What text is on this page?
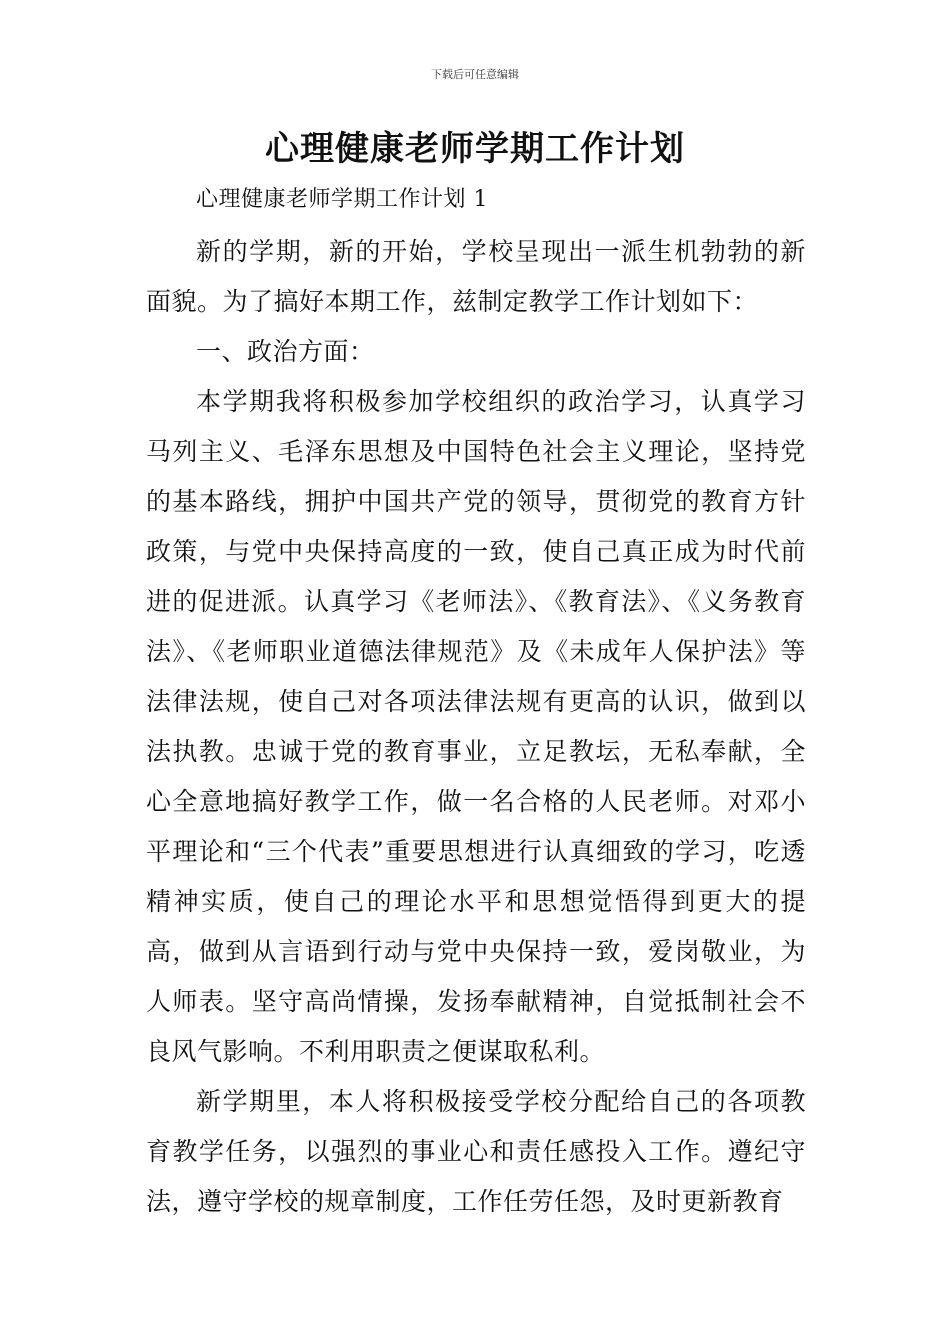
下载后可任意编辑
心理健康老师学期工作计划

心理健康老师学期工作计划 1

新的学期，新的开始，学校呈现出一派生机勃勃的新面貌。为了搞好本期工作，兹制定教学工作计划如下：

一、政治方面：

本学期我将积极参加学校组织的政治学习，认真学习马列主义、毛泽东思想及中国特色社会主义理论，坚持党的基本路线，拥护中国共产党的领导，贯彻党的教育方针政策，与党中央保持高度的一致，使自己真正成为时代前进的促进派。认真学习《老师法》、《教育法》、《义务教育法》、《老师职业道德法律规范》及《未成年人保护法》等法律法规，使自己对各项法律法规有更高的认识，做到以法执教。忠诚于党的教育事业，立足教坛，无私奉献，全心全意地搞好教学工作，做一名合格的人民老师。对邓小平理论和“三个代表”重要思想进行认真细致的学习，吃透精神实质，使自己的理论水平和思想觉悟得到更大的提高，做到从言语到行动与党中央保持一致，爱岗敬业，为人师表。坚守高尚情操，发扬奉献精神，自觉抵制社会不良风气影响。不利用职责之便谋取私利。

新学期里，本人将积极接受学校分配给自己的各项教育教学任务，以强烈的事业心和责任感投入工作。遵纪守法，遵守学校的规章制度，工作任劳任怨，及时更新教育
